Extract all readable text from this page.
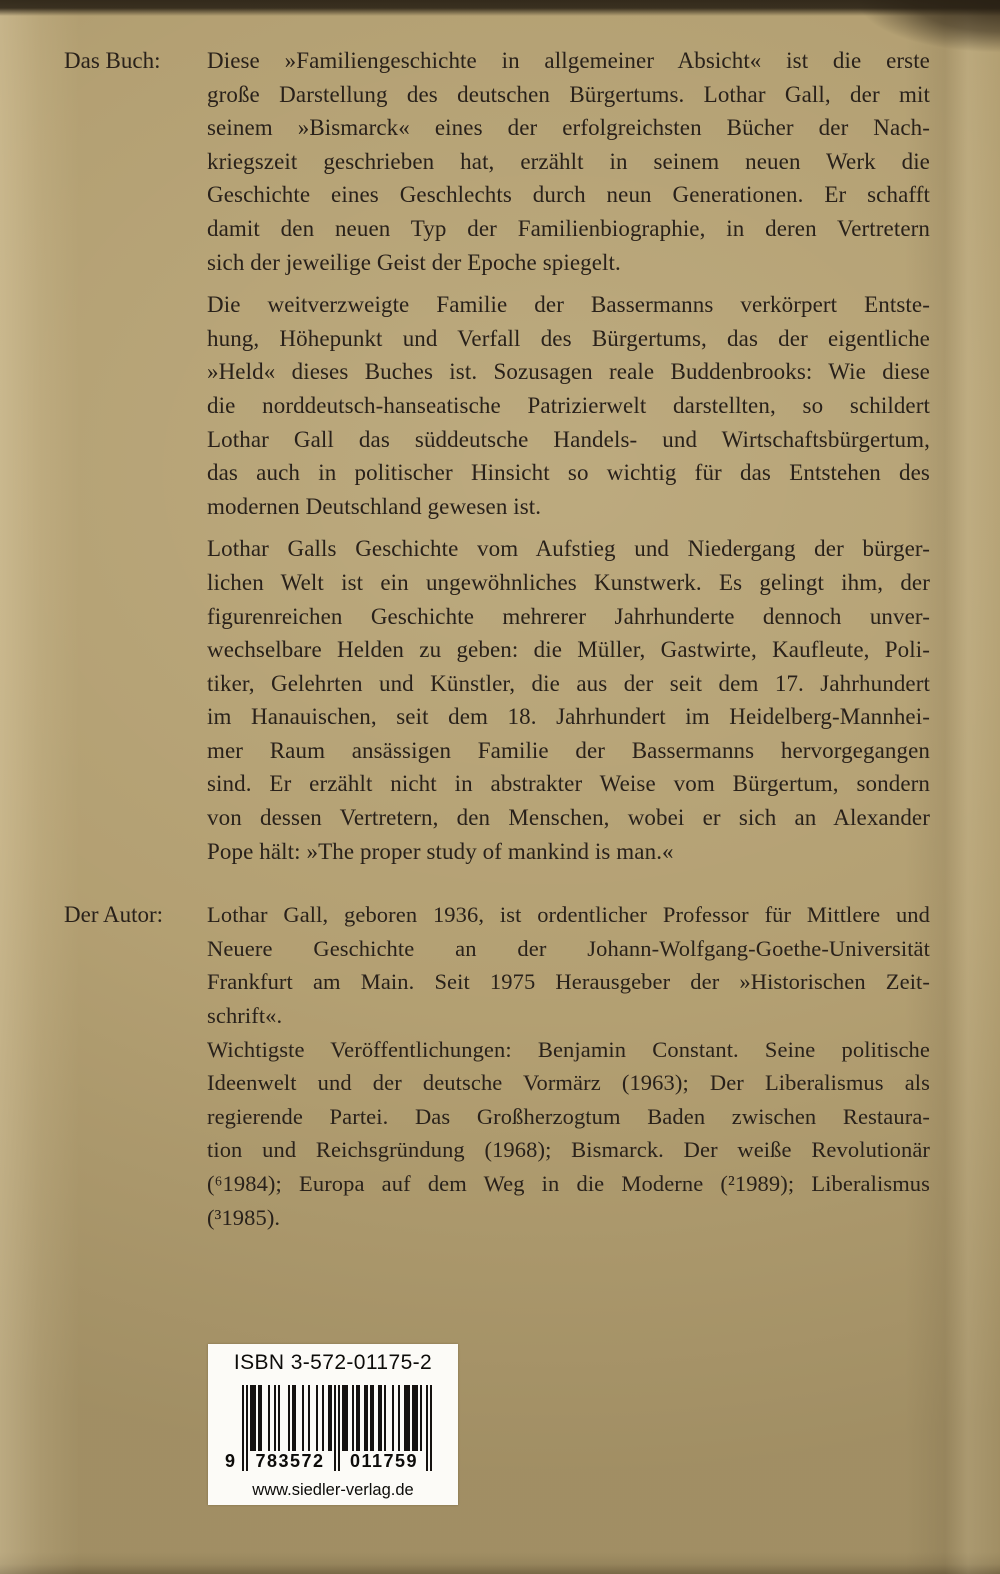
Das Buch:	Diese »Familiengeschichte in allgemeiner Absicht« ist die erste
große Darstellung des deutschen Bürgertums. Lothar Gall, der mit
seinem »Bismarck« eines der erfolgreichsten Bücher der Nach-
kriegszeit geschrieben hat, erzählt in seinem neuen Werk die
Geschichte eines Geschlechts durch neun Generationen. Er schafft
damit den neuen Typ der Familienbiographie, in deren Vertretern
sich der jeweilige Geist der Epoche spiegelt.
Die weitverzweigte Familie der Bassermanns verkörpert Entste-
hung, Höhepunkt und Verfall des Bürgertums, das der eigentliche
»Held« dieses Buches ist. Sozusagen reale Buddenbrooks: Wie diese
die norddeutsch-hanseatische Patrizierwelt darstellten, so schildert
Lothar Gall das süddeutsche Handels- und Wirtschaftsbürgertum,
das auch in politischer Hinsicht so wichtig für das Entstehen des
modernen Deutschland gewesen ist.
Lothar Galls Geschichte vom Aufstieg und Niedergang der bürger-
lichen Welt ist ein ungewöhnliches Kunstwerk. Es gelingt ihm, der
figurenreichen Geschichte mehrerer Jahrhunderte dennoch unver-
wechselbare Helden zu geben: die Müller, Gastwirte, Kaufleute, Poli-
tiker, Gelehrten und Künstler, die aus der seit dem 17. Jahrhundert
im Hanauischen, seit dem 18. Jahrhundert im Heidelberg-Mannhei-
mer Raum ansässigen Familie der Bassermanns hervorgegangen
sind. Er erzählt nicht in abstrakter Weise vom Bürgertum, sondern
von dessen Vertretern, den Menschen, wobei er sich an Alexander
Pope hält: »The proper study of mankind is man.«
Der Autor:	Lothar Gall, geboren 1936, ist ordentlicher Professor für Mittlere und
Neuere Geschichte an der Johann-Wolfgang-Goethe-Universität
Frankfurt am Main. Seit 1975 Herausgeber der »Historischen Zeit-
schrift«.
Wichtigste Veröffentlichungen: Benjamin Constant. Seine politische
Ideenwelt und der deutsche Vormärz (1963); Der Liberalismus als
regierende Partei. Das Großherzogtum Baden zwischen Restaura-
tion und Reichsgründung (1968); Bismarck. Der weiße Revolutionär
(⁶1984); Europa auf dem Weg in die Moderne (²1989); Liberalismus
(³1985).
ISBN 3-572-01175-2
9	783572	011759
www.siedler-verlag.de
